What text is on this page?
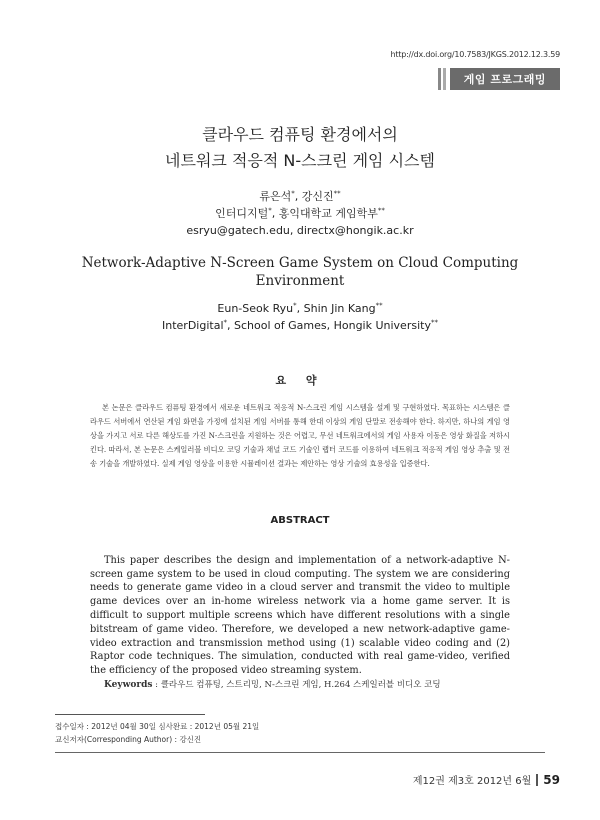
http://dx.doi.org/10.7583/JKGS.2012.12.3.59
게임 프로그래밍
클라우드 컴퓨팅 환경에서의
네트워크 적응적 N-스크린 게임 시스템
류은석*, 강신진**
인터디지털*, 홍익대학교 게임학부**
esryu@gatech.edu, directx@hongik.ac.kr
Network-Adaptive N-Screen Game System on Cloud Computing
Environment
Eun-Seok Ryu*, Shin Jin Kang**
InterDigital*, School of Games, Hongik University**
요 약

본 논문은 클라우드 컴퓨팅 환경에서 새로운 네트워크 적응적 N-스크린 게임 시스템을 설계 및 구현하였다. 목표하는 시스템은 클라우드 서버에서 연산된 게임 화면을 가정에 설치된 게임 서버를 통해 한대 이상의 게임 단말로 전송해야 한다. 하지만, 하나의 게임 영상을 가지고 서로 다른 해상도를 가진 N-스크린을 지원하는 것은 어렵고, 무선 네트워크에서의 게임 사용자 이동은 영상 화질을 저하시킨다. 따라서, 본 논문은 스케일러블 비디오 코딩 기술과 채널 코드 기술인 랩터 코드를 이용하여 네트워크 적응적 게임 영상 추출 및 전송 기술을 개발하였다. 실제 게임 영상을 이용한 시뮬레이션 결과는 제안하는 영상 기술의 효용성을 입증한다.

ABSTRACT

This paper describes the design and implementation of a network-adaptive N-screen game system to be used in cloud computing. The system we are considering needs to generate game video in a cloud server and transmit the video to multiple game devices over an in-home wireless network via a home game server. It is difficult to support multiple screens which have different resolutions with a single bitstream of game video. Therefore, we developed a new network-adaptive game-video extraction and transmission method using (1) scalable video coding and (2) Raptor code techniques. The simulation, conducted with real game-video, verified the efficiency of the proposed video streaming system.

Keywords : 클라우드 컴퓨팅, 스트리밍, N-스크린 게임, H.264 스케일러블 비디오 코딩
접수일자 : 2012년 04월 30일 심사완료 : 2012년 05월 21일
교신저자(Corresponding Author) : 강신진
제12권 제3호 2012년 6월 59
